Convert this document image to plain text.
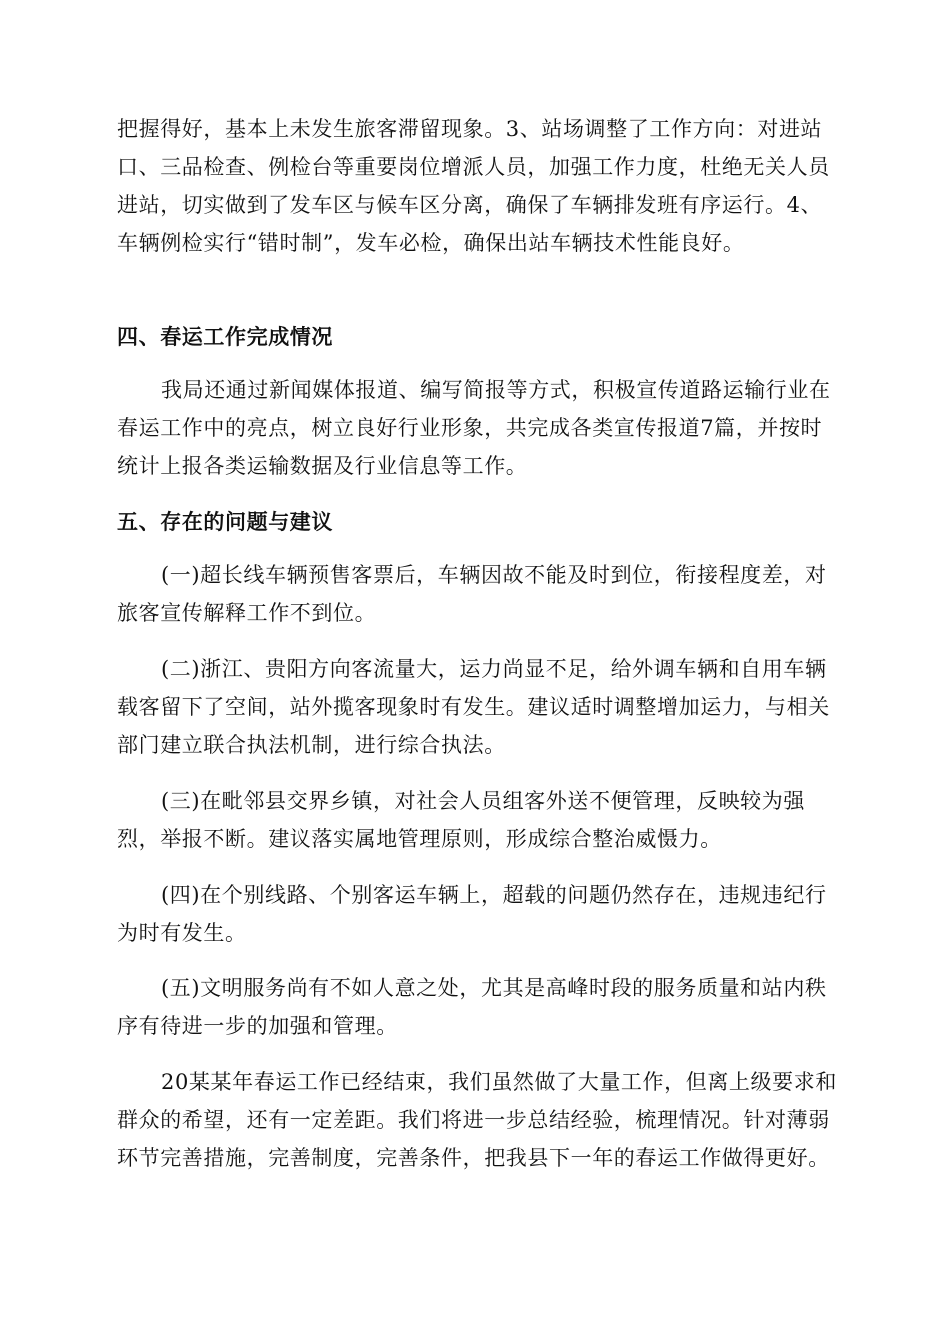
把握得好，基本上未发生旅客滞留现象。3、站场调整了工作方向：对进站口、三品检查、例检台等重要岗位增派人员，加强工作力度，杜绝无关人员进站，切实做到了发车区与候车区分离，确保了车辆排发班有序运行。4、车辆例检实行“错时制”，发车必检，确保出站车辆技术性能良好。

四、春运工作完成情况

我局还通过新闻媒体报道、编写简报等方式，积极宣传道路运输行业在春运工作中的亮点，树立良好行业形象，共完成各类宣传报道7篇，并按时统计上报各类运输数据及行业信息等工作。

五、存在的问题与建议

(一)超长线车辆预售客票后，车辆因故不能及时到位，衔接程度差，对旅客宣传解释工作不到位。

(二)浙江、贵阳方向客流量大，运力尚显不足，给外调车辆和自用车辆载客留下了空间，站外揽客现象时有发生。建议适时调整增加运力，与相关部门建立联合执法机制，进行综合执法。

(三)在毗邻县交界乡镇，对社会人员组客外送不便管理，反映较为强烈，举报不断。建议落实属地管理原则，形成综合整治威慑力。

(四)在个别线路、个别客运车辆上，超载的问题仍然存在，违规违纪行为时有发生。

(五)文明服务尚有不如人意之处，尤其是高峰时段的服务质量和站内秩序有待进一步的加强和管理。

20某某年春运工作已经结束，我们虽然做了大量工作，但离上级要求和群众的希望，还有一定差距。我们将进一步总结经验，梳理情况。针对薄弱环节完善措施，完善制度，完善条件，把我县下一年的春运工作做得更好。
